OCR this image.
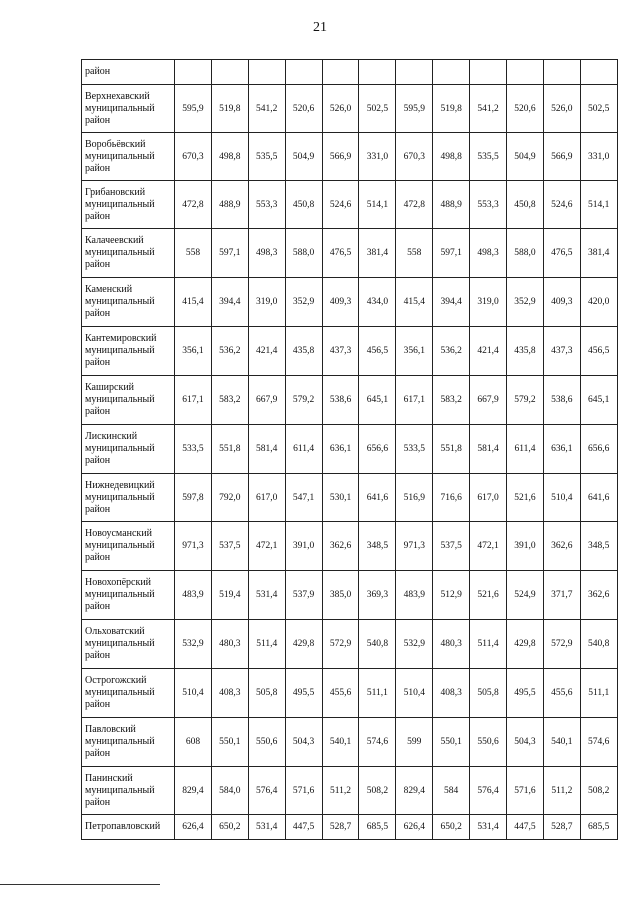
21
район												
Верхнехавский муниципальный район	595,9	519,8	541,2	520,6	526,0	502,5	595,9	519,8	541,2	520,6	526,0	502,5
Воробьёвский муниципальный район	670,3	498,8	535,5	504,9	566,9	331,0	670,3	498,8	535,5	504,9	566,9	331,0
Грибановский муниципальный район	472,8	488,9	553,3	450,8	524,6	514,1	472,8	488,9	553,3	450,8	524,6	514,1
Калачеевский муниципальный район	558	597,1	498,3	588,0	476,5	381,4	558	597,1	498,3	588,0	476,5	381,4
Каменский муниципальный район	415,4	394,4	319,0	352,9	409,3	434,0	415,4	394,4	319,0	352,9	409,3	420,0
Кантемировский муниципальный район	356,1	536,2	421,4	435,8	437,3	456,5	356,1	536,2	421,4	435,8	437,3	456,5
Каширский муниципальный район	617,1	583,2	667,9	579,2	538,6	645,1	617,1	583,2	667,9	579,2	538,6	645,1
Лискинский муниципальный район	533,5	551,8	581,4	611,4	636,1	656,6	533,5	551,8	581,4	611,4	636,1	656,6
Нижнедевицкий муниципальный район	597,8	792,0	617,0	547,1	530,1	641,6	516,9	716,6	617,0	521,6	510,4	641,6
Новоусманский муниципальный район	971,3	537,5	472,1	391,0	362,6	348,5	971,3	537,5	472,1	391,0	362,6	348,5
Новохопёрский муниципальный район	483,9	519,4	531,4	537,9	385,0	369,3	483,9	512,9	521,6	524,9	371,7	362,6
Ольховатский муниципальный район	532,9	480,3	511,4	429,8	572,9	540,8	532,9	480,3	511,4	429,8	572,9	540,8
Острогожский муниципальный район	510,4	408,3	505,8	495,5	455,6	511,1	510,4	408,3	505,8	495,5	455,6	511,1
Павловский муниципальный район	608	550,1	550,6	504,3	540,1	574,6	599	550,1	550,6	504,3	540,1	574,6
Панинский муниципальный район	829,4	584,0	576,4	571,6	511,2	508,2	829,4	584	576,4	571,6	511,2	508,2
Петропавловский	626,4	650,2	531,4	447,5	528,7	685,5	626,4	650,2	531,4	447,5	528,7	685,5
